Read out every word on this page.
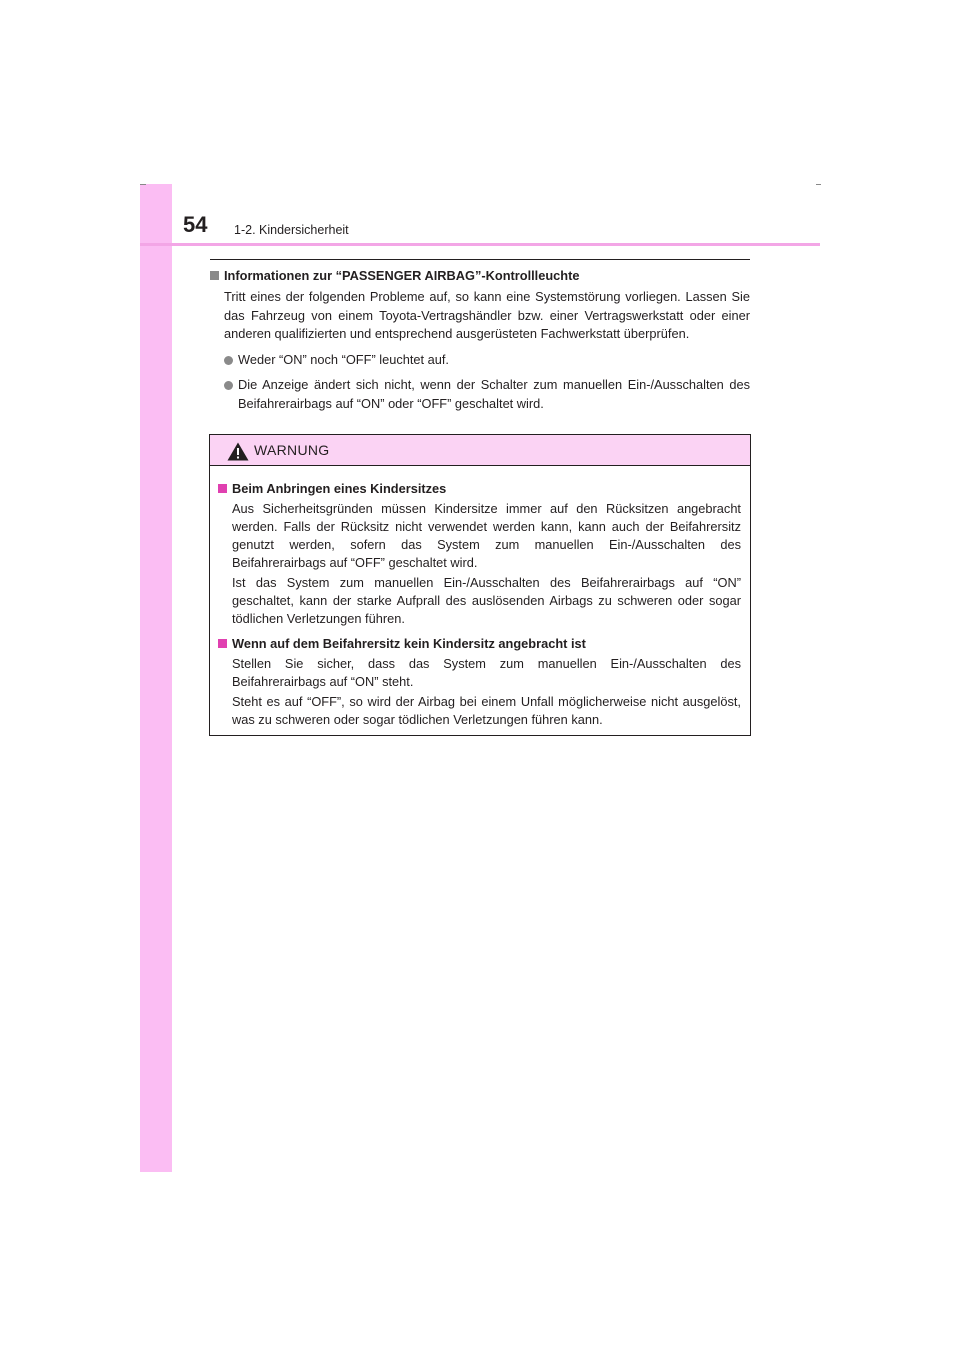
54 1-2. Kindersicherheit
Informationen zur “PASSENGER AIRBAG”-Kontrollleuchte
Tritt eines der folgenden Probleme auf, so kann eine Systemstörung vorliegen. Lassen Sie das Fahrzeug von einem Toyota-Vertragshändler bzw. einer Vertragswerkstatt oder einer anderen qualifizierten und entsprechend ausgerüsteten Fachwerkstatt überprüfen.
Weder “ON” noch “OFF” leuchtet auf.
Die Anzeige ändert sich nicht, wenn der Schalter zum manuellen Ein-/Ausschalten des Beifahrerairbags auf “ON” oder “OFF” geschaltet wird.
WARNUNG
Beim Anbringen eines Kindersitzes
Aus Sicherheitsgründen müssen Kindersitze immer auf den Rücksitzen angebracht werden. Falls der Rücksitz nicht verwendet werden kann, kann auch der Beifahrersitz genutzt werden, sofern das System zum manuellen Ein-/Ausschalten des Beifahrerairbags auf “OFF” geschaltet wird.
Ist das System zum manuellen Ein-/Ausschalten des Beifahrerairbags auf “ON” geschaltet, kann der starke Aufprall des auslösenden Airbags zu schweren oder sogar tödlichen Verletzungen führen.
Wenn auf dem Beifahrersitz kein Kindersitz angebracht ist
Stellen Sie sicher, dass das System zum manuellen Ein-/Ausschalten des Beifahrerairbags auf “ON” steht.
Steht es auf “OFF”, so wird der Airbag bei einem Unfall möglicherweise nicht ausgelöst, was zu schweren oder sogar tödlichen Verletzungen führen kann.
